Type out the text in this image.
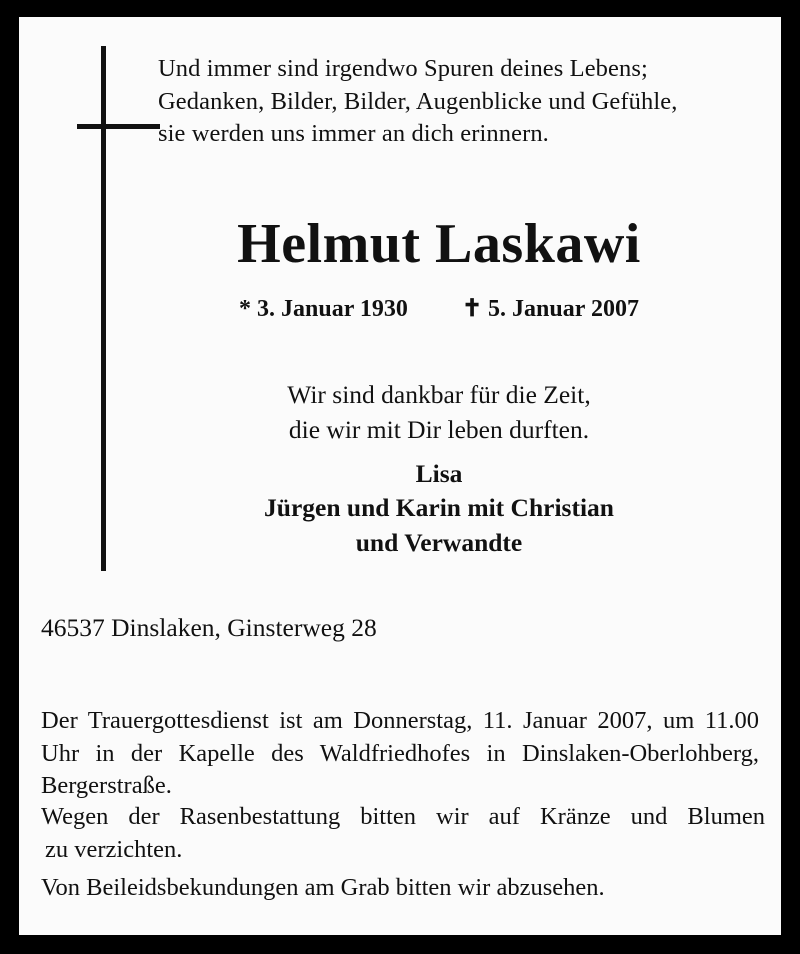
Und immer sind irgendwo Spuren deines Lebens;
Gedanken, Bilder, Bilder, Augenblicke und Gefühle,
sie werden uns immer an dich erinnern.
Helmut Laskawi
* 3. Januar 1930 ✝ 5. Januar 2007
Wir sind dankbar für die Zeit,
die wir mit Dir leben durften.
Lisa
Jürgen und Karin mit Christian
und Verwandte
46537 Dinslaken, Ginsterweg 28
Der Trauergottesdienst ist am Donnerstag, 11. Januar 2007, um 11.00 Uhr in der Kapelle des Waldfriedhofes in Dinslaken-Oberlohberg, Bergerstraße.
Wegen der Rasenbestattung bitten wir auf Kränze und Blumen zu verzichten.
Von Beileidsbekundungen am Grab bitten wir abzusehen.
